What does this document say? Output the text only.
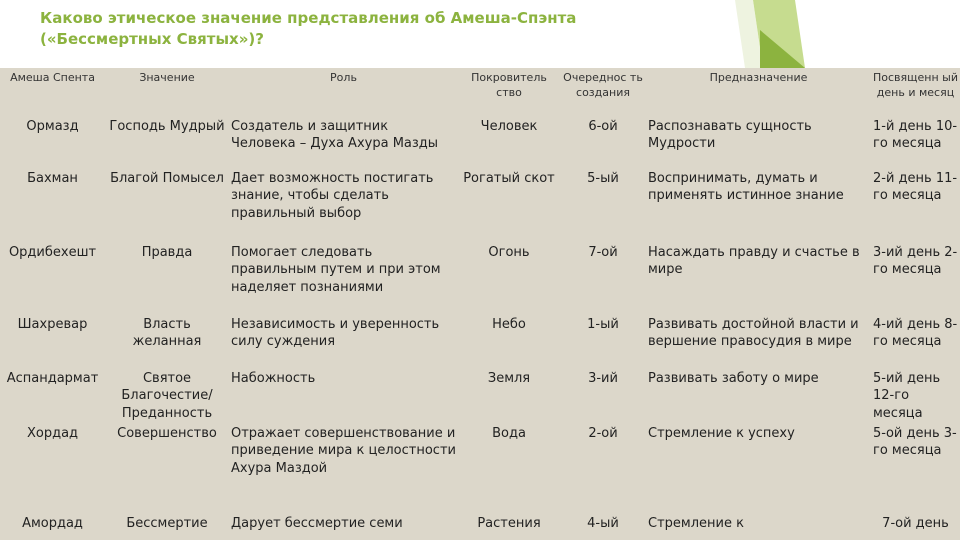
Каково этическое значение представления об Амеша-Спэнта
(«Бессмертных Святых»)?
Амеша Спента	Значение	Роль	Покровитель ство	Очереднос ть создания	Предназначение	Посвященн ый день и месяц
Ормазд	Господь Мудрый	Создатель и защитник Человека – Духа Ахура Мазды	Человек	6-ой	Распознавать сущность Мудрости	1-й день 10-го месяца
Бахман	Благой Помысел	Дает возможность постигать знание, чтобы сделать правильный выбор	Рогатый скот	5-ый	Воспринимать, думать и применять истинное знание	2-й день 11-го месяца
Ордибехешт	Правда	Помогает следовать правильным путем и при этом наделяет познаниями	Огонь	7-ой	Насаждать правду и счастье в мире	3-ий день 2-го месяца
Шахревар	Власть желанная	Независимость и уверенность силу суждения	Небо	1-ый	Развивать достойной власти и вершение правосудия в мире	4-ий день 8-го месяца
Аспандармат	Святое Благочестие/ Преданность	Набожность	Земля	3-ий	Развивать заботу о мире	5-ий день 12-го месяца
Хордад	Совершенство	Отражает совершенствование и приведение мира к целостности Ахура Маздой	Вода	2-ой	Стремление к успеху	5-ой день 3-го месяца
Амордад	Бессмертие	Дарует бессмертие семи	Растения	4-ый	Стремление к	7-ой день
